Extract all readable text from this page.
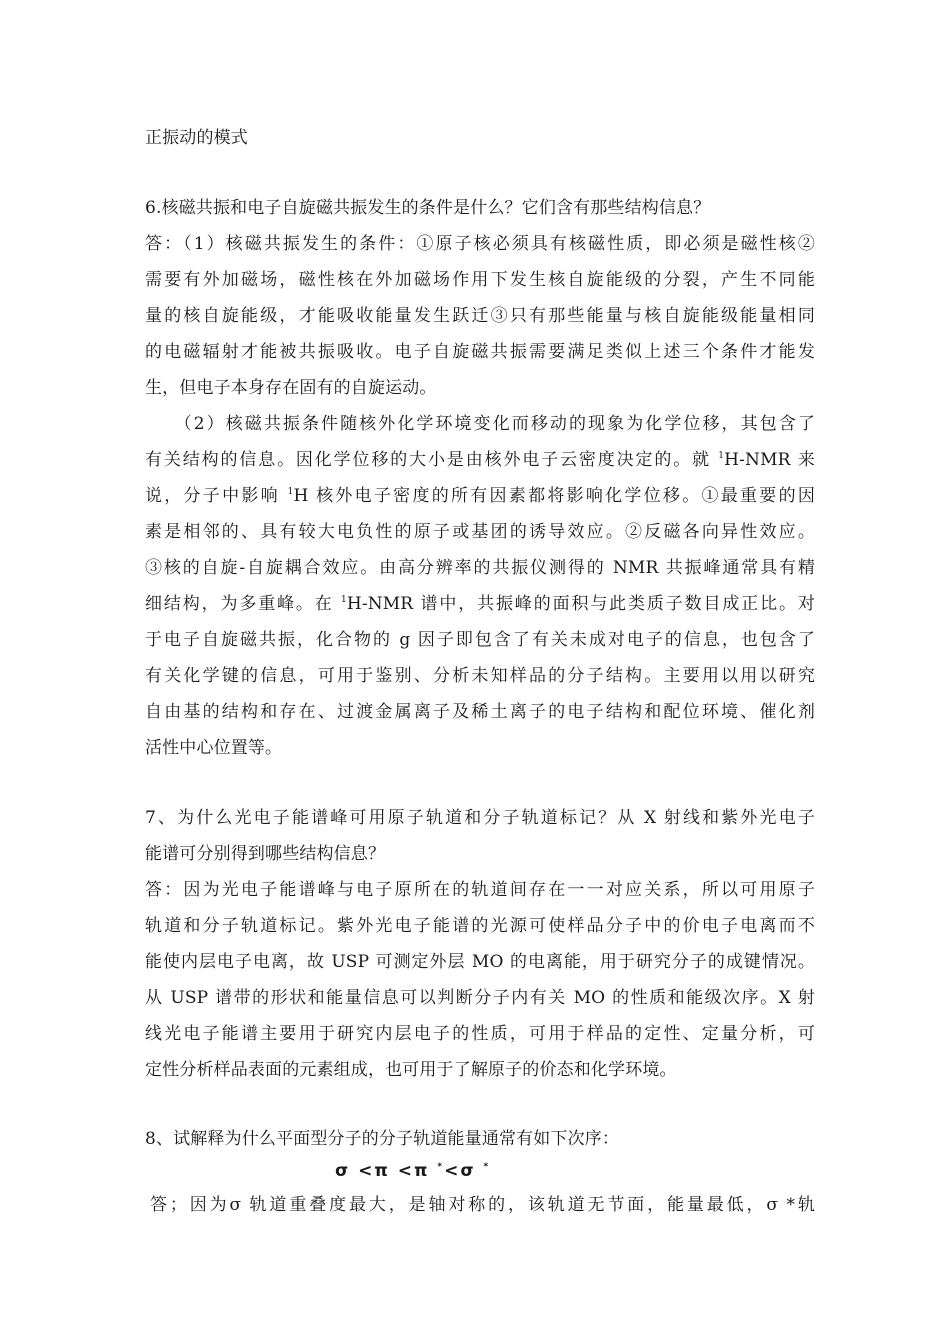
正振动的模式

6.核磁共振和电子自旋磁共振发生的条件是什么？它们含有那些结构信息？

答：（1）核磁共振发生的条件：①原子核必须具有核磁性质，即必须是磁性核②

需要有外加磁场，磁性核在外加磁场作用下发生核自旋能级的分裂，产生不同能

量的核自旋能级，才能吸收能量发生跃迁③只有那些能量与核自旋能级能量相同

的电磁辐射才能被共振吸收。电子自旋磁共振需要满足类似上述三个条件才能发

生，但电子本身存在固有的自旋运动。

　　（2）核磁共振条件随核外化学环境变化而移动的现象为化学位移，其包含了

有关结构的信息。因化学位移的大小是由核外电子云密度决定的。就 $^1$H-NMR 来

说，分子中影响 $^1$H 核外电子密度的所有因素都将影响化学位移。①最重要的因

素是相邻的、具有较大电负性的原子或基团的诱导效应。②反磁各向异性效应。

③核的自旋-自旋耦合效应。由高分辨率的共振仪测得的 NMR 共振峰通常具有精

细结构，为多重峰。在 $^1$H-NMR 谱中，共振峰的面积与此类质子数目成正比。对

于电子自旋磁共振，化合物的 g 因子即包含了有关未成对电子的信息，也包含了

有关化学键的信息，可用于鉴别、分析未知样品的分子结构。主要用以用以研究

自由基的结构和存在、过渡金属离子及稀土离子的电子结构和配位环境、催化剂

活性中心位置等。

7、为什么光电子能谱峰可用原子轨道和分子轨道标记？从 X 射线和紫外光电子

能谱可分别得到哪些结构信息？

答：因为光电子能谱峰与电子原所在的轨道间存在一一对应关系，所以可用原子

轨道和分子轨道标记。紫外光电子能谱的光源可使样品分子中的价电子电离而不

能使内层电子电离，故 USP 可测定外层 MO 的电离能，用于研究分子的成键情况。

从 USP 谱带的形状和能量信息可以判断分子内有关 MO 的性质和能级次序。X 射

线光电子能谱主要用于研究内层电子的性质，可用于样品的定性、定量分析，可

定性分析样品表面的元素组成，也可用于了解原子的价态和化学环境。

8、试解释为什么平面型分子的分子轨道能量通常有如下次序：

σ <π <π *<σ *

答；因为σ 轨道重叠度最大，是轴对称的，该轨道无节面，能量最低，σ *轨
